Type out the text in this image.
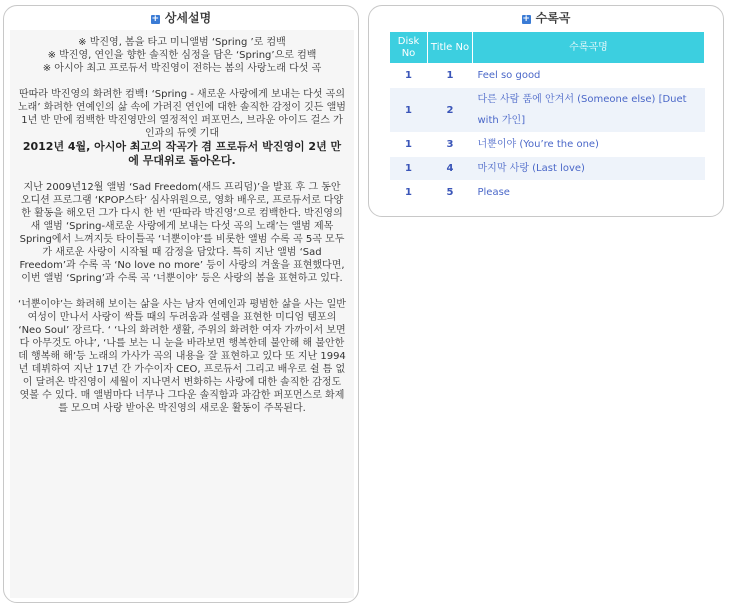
+ 상세설명

※ 박진영, 봄을 타고 미니앨범 ‘Spring ’로 컴백
※ 박진영, 연인을 향한 솔직한 심정을 담은 ‘Spring’으로 컴백
※ 아시아 최고 프로듀서 박진영이 전하는 봄의 사랑노래 다섯 곡

딴따라 박진영의 화려한 컴백! ‘Spring - 새로운 사랑에게 보내는 다섯 곡의 노래’ 화려한 연예인의 삶 속에 가려진 연인에 대한 솔직한 감정이 깃든 앨범 1년 반 만에 컴백한 박진영만의 열정적인 퍼포먼스, 브라운 아이드 걸스 가인과의 듀엣 기대

2012년 4월, 아시아 최고의 작곡가 겸 프로듀서 박진영이 2년 만에 무대위로 돌아온다.

지난 2009년12월 앨범 ‘Sad Freedom(새드 프리덤)’을 발표 후 그 동안 오디션 프로그램 ‘KPOP스타’ 심사위원으로, 영화 배우로, 프로듀서로 다양한 활동을 해오던 그가 다시 한 번 ‘딴따라 박진영’으로 컴백한다. 박진영의 새 앨범 ‘Spring-새로운 사랑에게 보내는 다섯 곡의 노래’는 앨범 제목 Spring에서 느껴지듯 타이틀곡 ‘너뿐이야’를 비롯한 앨범 수록 곡 5곡 모두가 새로운 사랑이 시작될 때 감정을 담았다. 특히 지난 앨범 ‘Sad Freedom’과 수록 곡 ‘No love no more’ 등이 사랑의 겨울을 표현했다면, 이번 앨범 ‘Spring’과 수록 곡 ‘너뿐이야’ 등은 사랑의 봄을 표현하고 있다.

‘너뿐이야’는 화려해 보이는 삶을 사는 남자 연예인과 평범한 삶을 사는 일반 여성이 만나서 사랑이 싹틀 때의 두려움과 설렘을 표현한 미디엄 템포의 ‘Neo Soul’ 장르다. ‘ ‘나의 화려한 생활, 주위의 화려한 여자 가까이서 보면 다 아무것도 아냐’, ‘나를 보는 니 눈을 바라보면 행복한데 불안해 해 불안한데 행복해 해’등 노래의 가사가 곡의 내용을 잘 표현하고 있다 또 지난 1994년 데뷔하여 지난 17년 간 가수이자 CEO, 프로듀서 그리고 배우로 쉴 틈 없이 달려온 박진영이 세월이 지나면서 변화하는 사랑에 대한 솔직한 감정도 엿볼 수 있다. 매 앨범마다 너무나 그다운 솔직함과 과감한 퍼포먼스로 화제를 모으며 사랑 받아온 박진영의 새로운 활동이 주목된다.

+ 수록곡
Disk No	Title No	수록곡명
1	1	Feel so good
1	2	다른 사람 품에 안겨서 (Someone else) [Duet with 가인]
1	3	너뿐이야 (You’re the one)
1	4	마지막 사랑 (Last love)
1	5	Please
